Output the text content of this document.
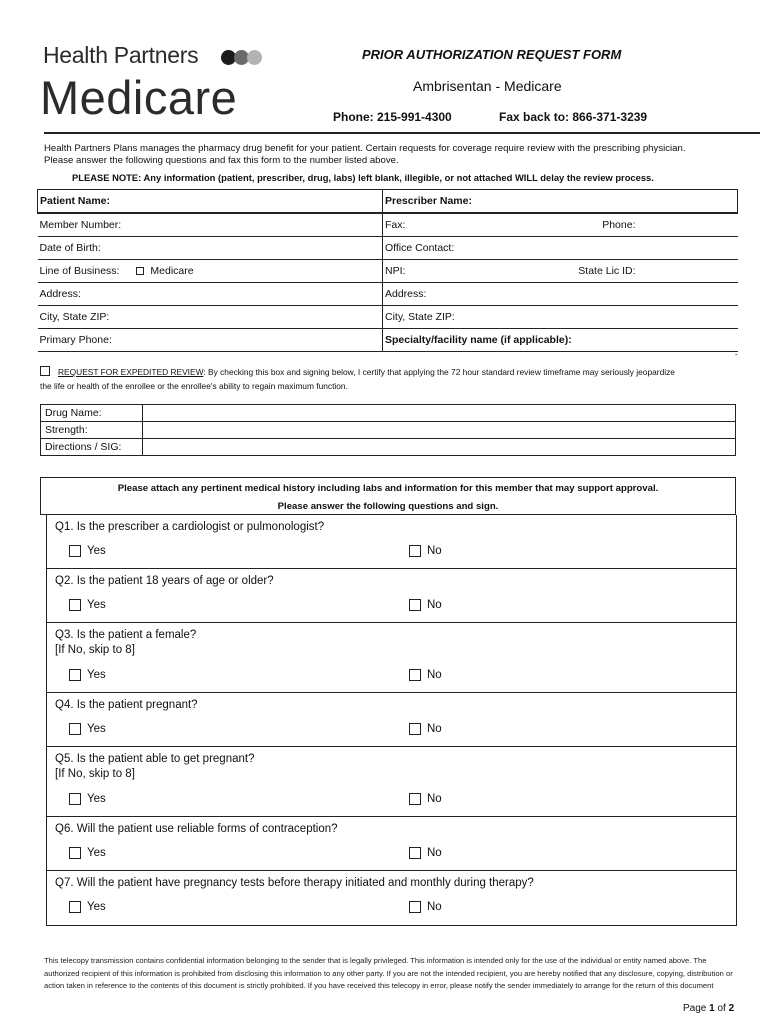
Health Partners
Medicare
PRIOR AUTHORIZATION REQUEST FORM
Ambrisentan - Medicare
Phone: 215-991-4300	Fax back to: 866-371-3239
Health Partners Plans manages the pharmacy drug benefit for your patient. Certain requests for coverage require review with the prescribing physician.
Please answer the following questions and fax this form to the number listed above.
PLEASE NOTE: Any information (patient, prescriber, drug, labs) left blank, illegible, or not attached WILL delay the review process.
Patient Name:	Prescriber Name:
Member Number:	Fax: Phone:

Date of Birth:	Office Contact:
Line of Business: Medicare	NPI: State Lic ID:

Address:	Address:
City, State ZIP:	City, State ZIP:
Primary Phone:	Specialty/facility name (if applicable):
-
REQUEST FOR EXPEDITED REVIEW: By checking this box and signing below, I certify that applying the 72 hour standard review timeframe may seriously jeopardize
the life or health of the enrollee or the enrollee's ability to regain maximum function.
Drug Name:	
Strength:	
Directions / SIG:	
Please attach any pertinent medical history including labs and information for this member that may support approval.
Please answer the following questions and sign.
Q1. Is the prescriber a cardiologist or pulmonologist?
Yes	No
Q2. Is the patient 18 years of age or older?
Yes	No
Q3. Is the patient a female?
[If No, skip to 8]
Yes	No
Q4. Is the patient pregnant?
Yes	No
Q5. Is the patient able to get pregnant?
[If No, skip to 8]
Yes	No
Q6. Will the patient use reliable forms of contraception?
Yes	No
Q7. Will the patient have pregnancy tests before therapy initiated and monthly during therapy?
Yes	No
This telecopy transmission contains confidential information belonging to the sender that is legally privileged. This information is intended only for the use of the individual or entity named above. The authorized recipient of this information is prohibited from disclosing this information to any other party. If you are not the intended recipient, you are hereby notified that any disclosure, copying, distribution or action taken in reference to the contents of this document is strictly prohibited. If you have received this telecopy in error, please notify the sender immediately to arrange for the return of this document
Page 1 of 2
